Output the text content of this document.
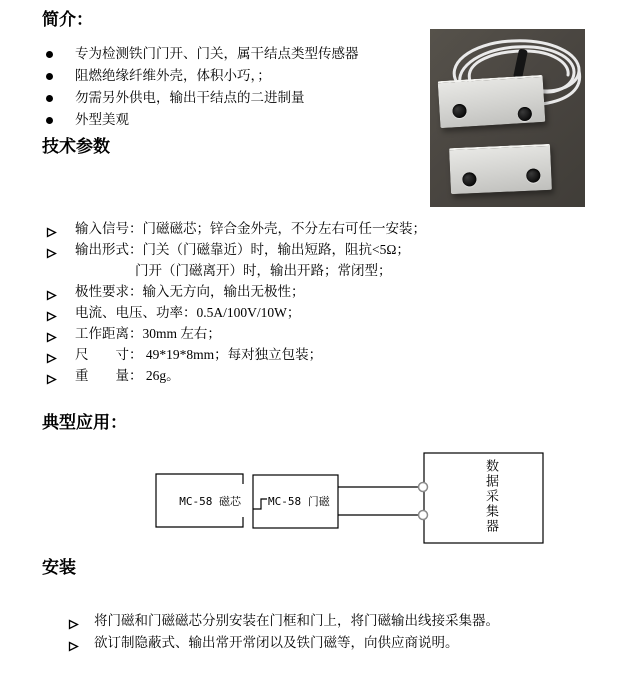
简介：
专为检测铁门门开、门关，属干结点类型传感器
阻燃绝缘纤维外壳，体积小巧，；
勿需另外供电，输出干结点的二进制量
外型美观
技术参数
输入信号：门磁磁芯；锌合金外壳，不分左右可任一安装；
输出形式：门关（门磁靠近）时，输出短路，阻抗<5Ω；
门开（门磁离开）时，输出开路；常闭型；
极性要求：输入无方向，输出无极性；
电流、电压、功率：0.5A/100V/10W；
工作距离：30mm 左右；
尺　　寸： 49*19*8mm；每对独立包装；
重　　量： 26g。
典型应用：
MC-58 磁芯 MC-58 门磁	数据采集器
安装
将门磁和门磁磁芯分别安装在门框和门上，将门磁输出线接采集器。
欲订制隐蔽式、输出常开常闭以及铁门磁等，向供应商说明。
